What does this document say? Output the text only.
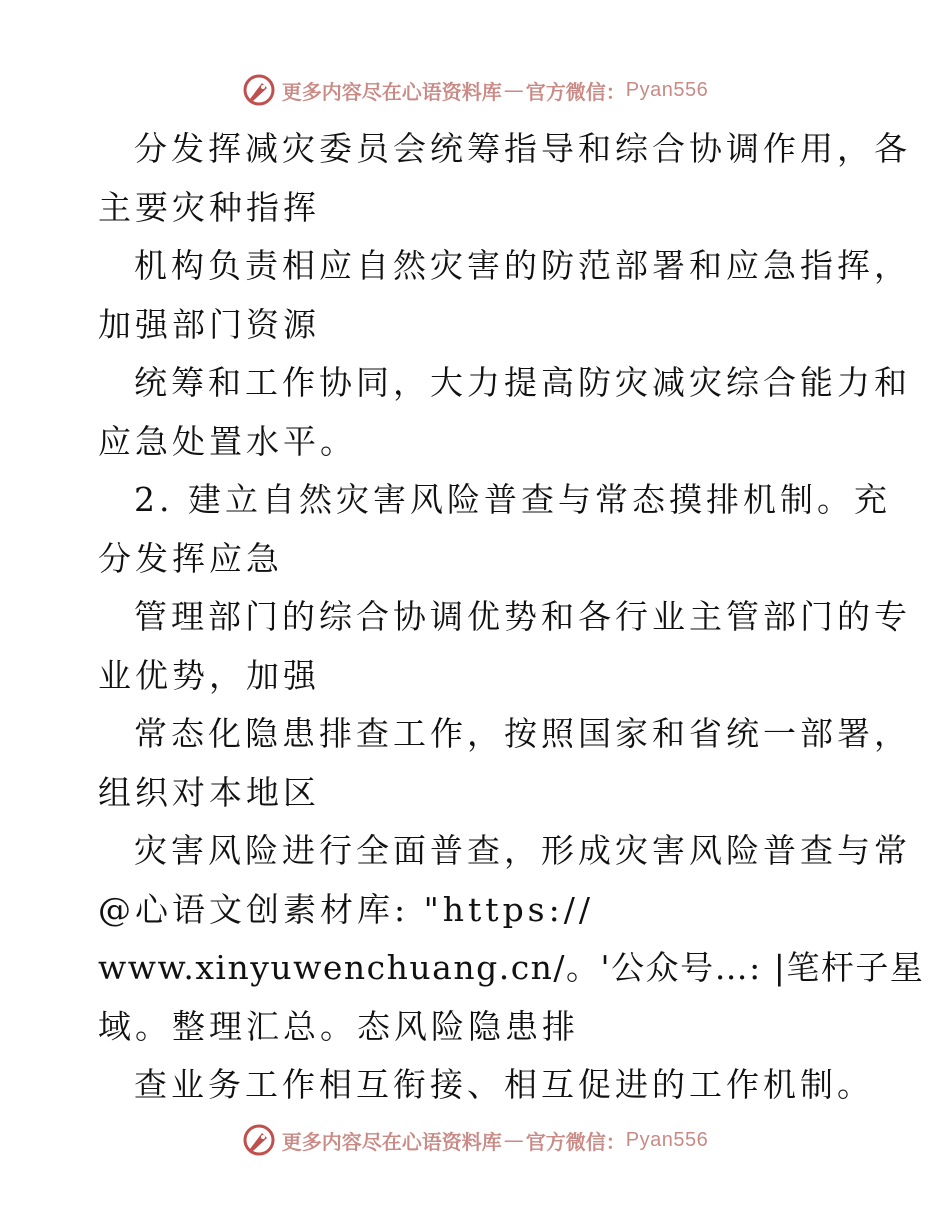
更多内容尽在心语资料库 — 官方微信： Pyan556
分发挥减灾委员会统筹指导和综合协调作用，各
主要灾种指挥
机构负责相应自然灾害的防范部署和应急指挥，
加强部门资源
统筹和工作协同，大力提高防灾减灾综合能力和
应急处置水平。
2. 建立自然灾害风险普查与常态摸排机制。充
分发挥应急
管理部门的综合协调优势和各行业主管部门的专
业优势，加强
常态化隐患排查工作，按照国家和省统一部署，
组织对本地区
灾害风险进行全面普查，形成灾害风险普查与常
@心语文创素材库: "https://
www.xinyuwenchuang.cn/。'公众号…: |笔杆子星
域。整理汇总。态风险隐患排
查业务工作相互衔接、相互促进的工作机制。
更多内容尽在心语资料库 — 官方微信： Pyan556
